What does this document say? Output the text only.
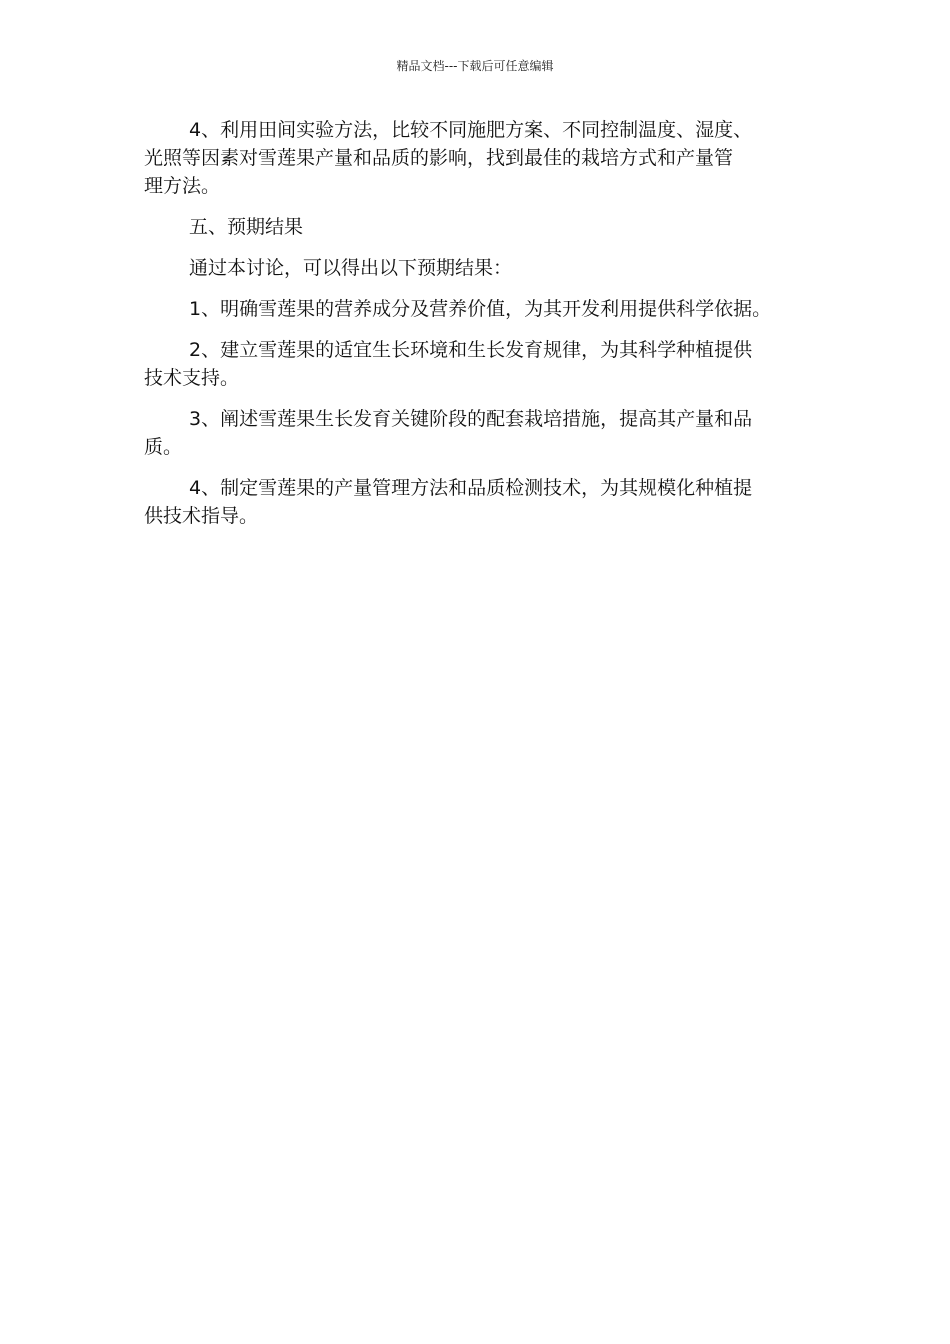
精品文档---下载后可任意编辑

4、利用田间实验方法，比较不同施肥方案、不同控制温度、湿度、
光照等因素对雪莲果产量和品质的影响，找到最佳的栽培方式和产量管
理方法。

五、预期结果

通过本讨论，可以得出以下预期结果：

1、明确雪莲果的营养成分及营养价值，为其开发利用提供科学依据。

2、建立雪莲果的适宜生长环境和生长发育规律，为其科学种植提供
技术支持。

3、阐述雪莲果生长发育关键阶段的配套栽培措施，提高其产量和品
质。

4、制定雪莲果的产量管理方法和品质检测技术，为其规模化种植提
供技术指导。
